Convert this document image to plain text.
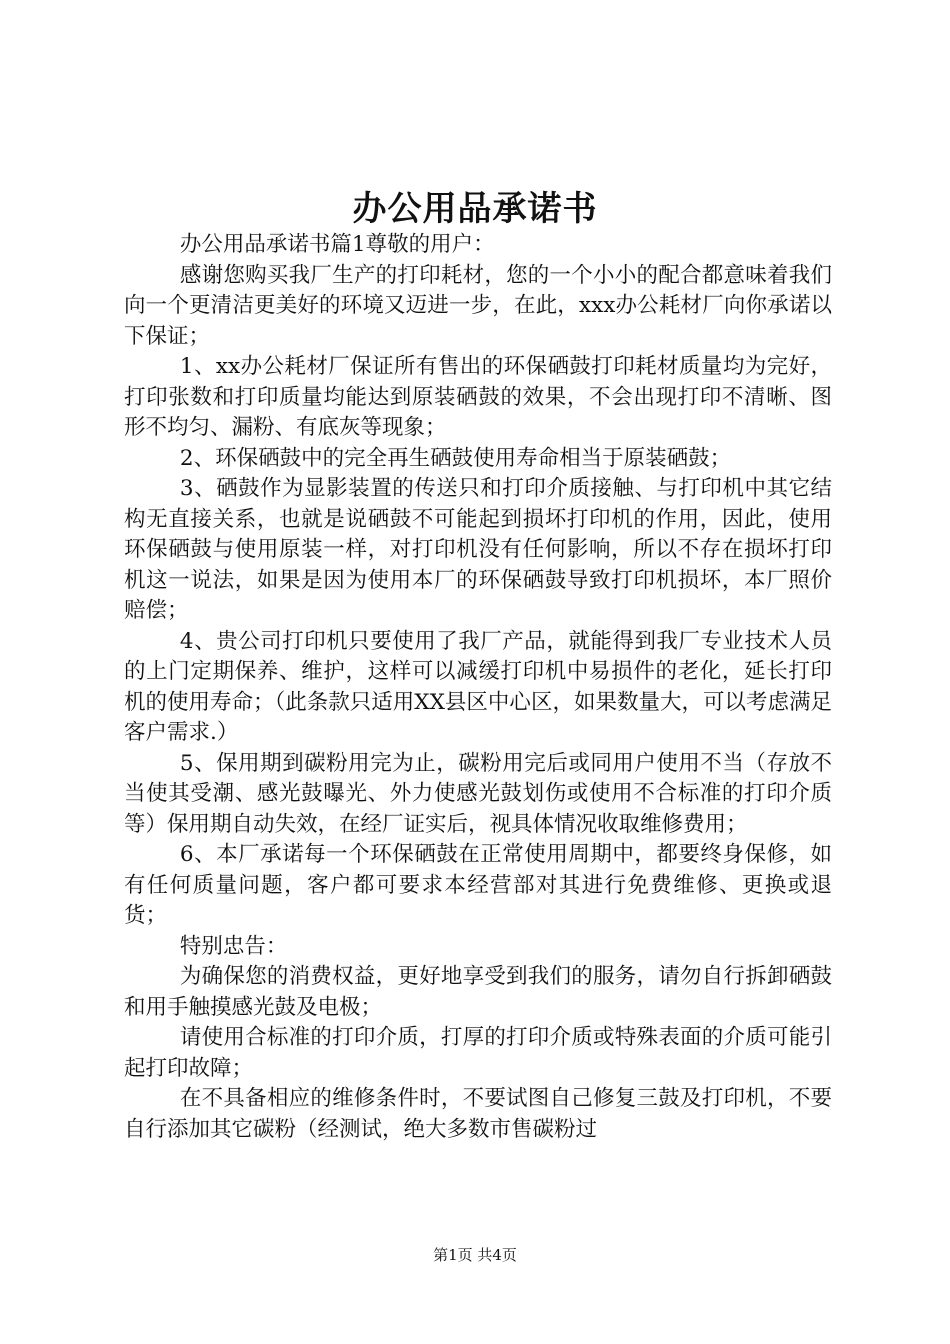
办公用品承诺书

办公用品承诺书篇1尊敬的用户：

感谢您购买我厂生产的打印耗材，您的一个小小的配合都意味着我们向一个更清洁更美好的环境又迈进一步，在此，xxx办公耗材厂向你承诺以下保证；

1、xx办公耗材厂保证所有售出的环保硒鼓打印耗材质量均为完好，打印张数和打印质量均能达到原装硒鼓的效果，不会出现打印不清晰、图形不均匀、漏粉、有底灰等现象；

2、环保硒鼓中的完全再生硒鼓使用寿命相当于原装硒鼓；

3、硒鼓作为显影装置的传送只和打印介质接触、与打印机中其它结构无直接关系，也就是说硒鼓不可能起到损坏打印机的作用，因此，使用环保硒鼓与使用原装一样，对打印机没有任何影响，所以不存在损坏打印机这一说法，如果是因为使用本厂的环保硒鼓导致打印机损坏，本厂照价赔偿；

4、贵公司打印机只要使用了我厂产品，就能得到我厂专业技术人员的上门定期保养、维护，这样可以减缓打印机中易损件的老化，延长打印机的使用寿命；（此条款只适用XX县区中心区，如果数量大，可以考虑满足客户需求.）

5、保用期到碳粉用完为止，碳粉用完后或同用户使用不当（存放不当使其受潮、感光鼓曝光、外力使感光鼓划伤或使用不合标准的打印介质等）保用期自动失效，在经厂证实后，视具体情况收取维修费用；

6、本厂承诺每一个环保硒鼓在正常使用周期中，都要终身保修，如有任何质量问题，客户都可要求本经营部对其进行免费维修、更换或退货；

特别忠告：

为确保您的消费权益，更好地享受到我们的服务，请勿自行拆卸硒鼓和用手触摸感光鼓及电极；

请使用合标准的打印介质，打厚的打印介质或特殊表面的介质可能引起打印故障；

在不具备相应的维修条件时，不要试图自己修复三鼓及打印机，不要自行添加其它碳粉（经测试，绝大多数市售碳粉过

第1页 共4页
